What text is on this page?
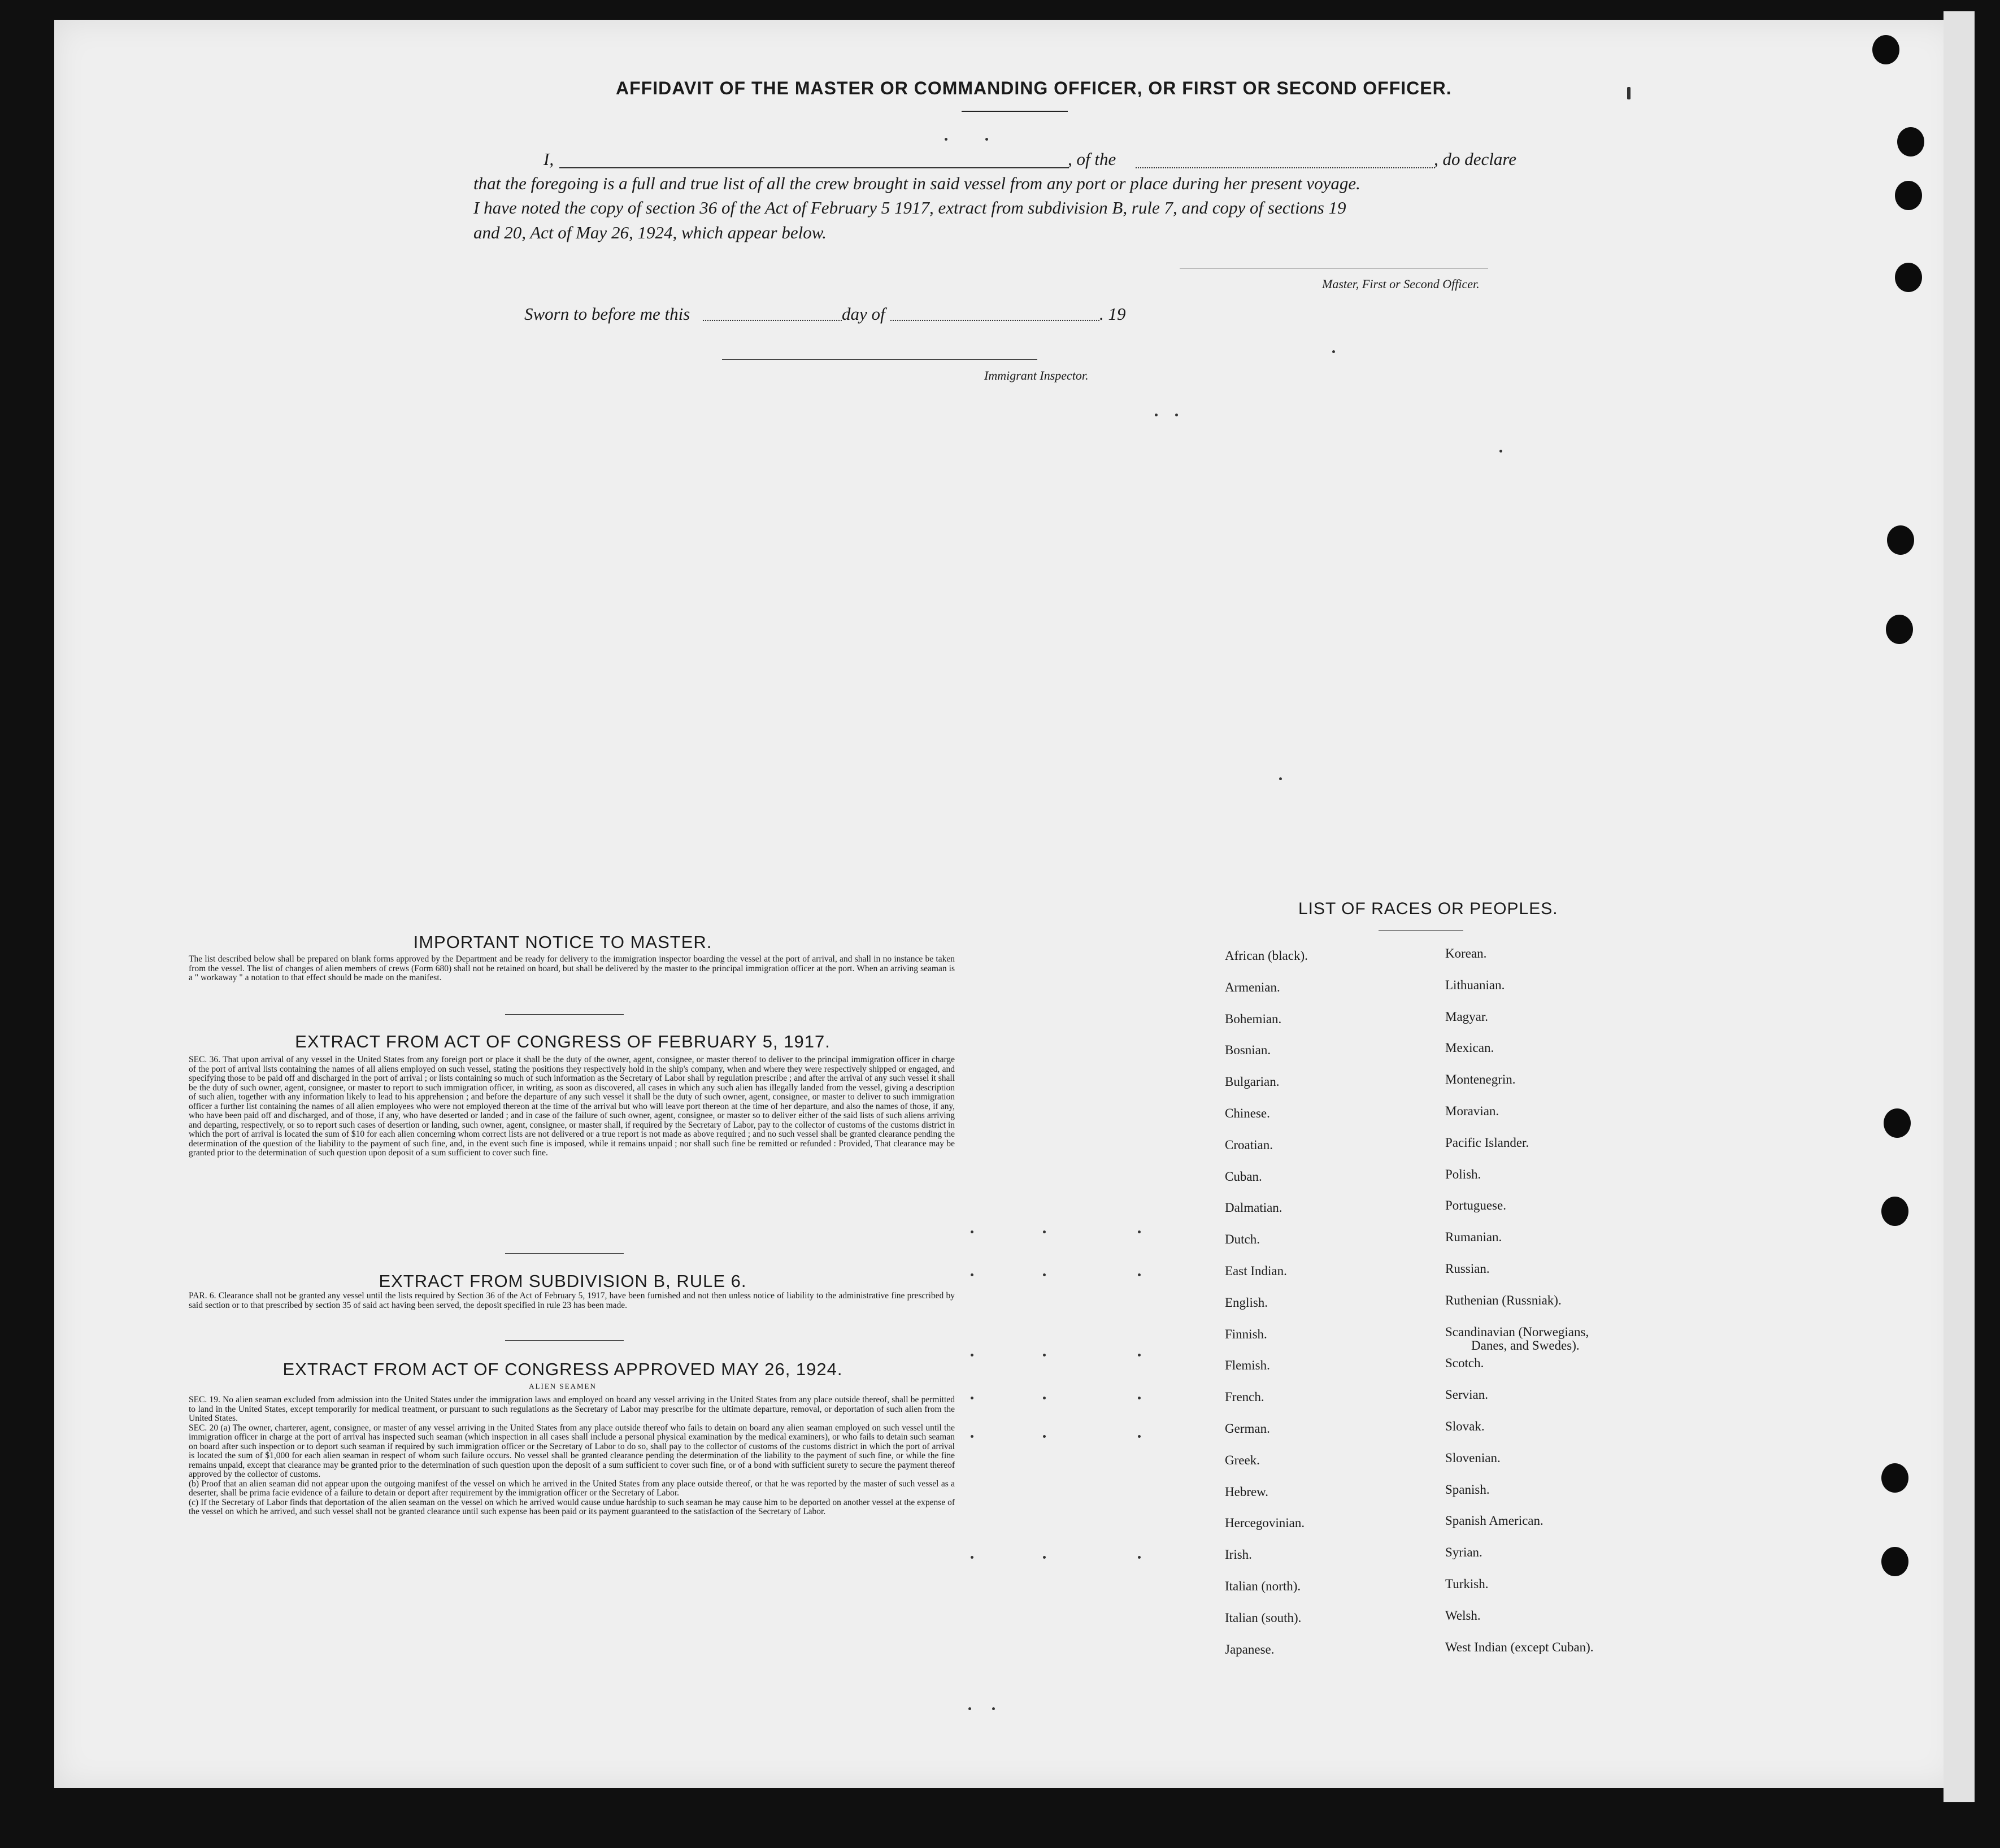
AFFIDAVIT OF THE MASTER OR COMMANDING OFFICER, OR FIRST OR SECOND OFFICER.
I,	, of the	, do declare
that the foregoing is a full and true list of all the crew brought in said vessel from any port or place during her present voyage.
I have noted the copy of section 36 of the Act of February 5 1917, extract from subdivision B, rule 7, and copy of sections 19
and 20, Act of May 26, 1924, which appear below.
Master, First or Second Officer.
Sworn to before me this	day of	. 19
Immigrant Inspector.
IMPORTANT NOTICE TO MASTER.
The list described below shall be prepared on blank forms approved by the Department and be ready for delivery to the immigration inspector boarding the vessel at the port of arrival, and shall in no instance be taken from the vessel. The list of changes of alien members of crews (Form 680) shall not be retained on board, but shall be delivered by the master to the principal immigration officer at the port. When an arriving seaman is a " workaway " a notation to that effect should be made on the manifest.
EXTRACT FROM ACT OF CONGRESS OF FEBRUARY 5, 1917.
SEC. 36. That upon arrival of any vessel in the United States from any foreign port or place it shall be the duty of the owner, agent, consignee, or master thereof to deliver to the principal immigration officer in charge of the port of arrival lists containing the names of all aliens employed on such vessel, stating the positions they respectively hold in the ship's company, when and where they were respectively shipped or engaged, and specifying those to be paid off and discharged in the port of arrival ; or lists containing so much of such information as the Secretary of Labor shall by regulation prescribe ; and after the arrival of any such vessel it shall be the duty of such owner, agent, consignee, or master to report to such immigration officer, in writing, as soon as discovered, all cases in which any such alien has illegally landed from the vessel, giving a description of such alien, together with any information likely to lead to his apprehension ; and before the departure of any such vessel it shall be the duty of such owner, agent, consignee, or master to deliver to such immigration officer a further list containing the names of all alien employees who were not employed thereon at the time of the arrival but who will leave port thereon at the time of her departure, and also the names of those, if any, who have been paid off and discharged, and of those, if any, who have deserted or landed ; and in case of the failure of such owner, agent, consignee, or master so to deliver either of the said lists of such aliens arriving and departing, respectively, or so to report such cases of desertion or landing, such owner, agent, consignee, or master shall, if required by the Secretary of Labor, pay to the collector of customs of the customs district in which the port of arrival is located the sum of $10 for each alien concerning whom correct lists are not delivered or a true report is not made as above required ; and no such vessel shall be granted clearance pending the determination of the question of the liability to the payment of such fine, and, in the event such fine is imposed, while it remains unpaid ; nor shall such fine be remitted or refunded : Provided, That clearance may be granted prior to the determination of such question upon deposit of a sum sufficient to cover such fine.
EXTRACT FROM SUBDIVISION B, RULE 6.
PAR. 6. Clearance shall not be granted any vessel until the lists required by Section 36 of the Act of February 5, 1917, have been furnished and not then unless notice of liability to the administrative fine prescribed by said section or to that prescribed by section 35 of said act having been served, the deposit specified in rule 23 has been made.
EXTRACT FROM ACT OF CONGRESS APPROVED MAY 26, 1924.
ALIEN SEAMEN
SEC. 19. No alien seaman excluded from admission into the United States under the immigration laws and employed on board any vessel arriving in the United States from any place outside thereof, shall be permitted to land in the United States, except temporarily for medical treatment, or pursuant to such regulations as the Secretary of Labor may prescribe for the ultimate departure, removal, or deportation of such alien from the United States.
SEC. 20 (a) The owner, charterer, agent, consignee, or master of any vessel arriving in the United States from any place outside thereof who fails to detain on board any alien seaman employed on such vessel until the immigration officer in charge at the port of arrival has inspected such seaman (which inspection in all cases shall include a personal physical examination by the medical examiners), or who fails to detain such seaman on board after such inspection or to deport such seaman if required by such immigration officer or the Secretary of Labor to do so, shall pay to the collector of customs of the customs district in which the port of arrival is located the sum of $1,000 for each alien seaman in respect of whom such failure occurs. No vessel shall be granted clearance pending the determination of the liability to the payment of such fine, or while the fine remains unpaid, except that clearance may be granted prior to the determination of such question upon the deposit of a sum sufficient to cover such fine, or of a bond with sufficient surety to secure the payment thereof approved by the collector of customs.
(b) Proof that an alien seaman did not appear upon the outgoing manifest of the vessel on which he arrived in the United States from any place outside thereof, or that he was reported by the master of such vessel as a deserter, shall be prima facie evidence of a failure to detain or deport after requirement by the immigration officer or the Secretary of Labor.
(c) If the Secretary of Labor finds that deportation of the alien seaman on the vessel on which he arrived would cause undue hardship to such seaman he may cause him to be deported on another vessel at the expense of the vessel on which he arrived, and such vessel shall not be granted clearance until such expense has been paid or its payment guaranteed to the satisfaction of the Secretary of Labor.
LIST OF RACES OR PEOPLES.
African (black).
Armenian.
Bohemian.
Bosnian.
Bulgarian.
Chinese.
Croatian.
Cuban.
Dalmatian.
Dutch.
East Indian.
English.
Finnish.
Flemish.
French.
German.
Greek.
Hebrew.
Hercegovinian.
Irish.
Italian (north).
Italian (south).
Japanese.
Korean.
Lithuanian.
Magyar.
Mexican.
Montenegrin.
Moravian.
Pacific Islander.
Polish.
Portuguese.
Rumanian.
Russian.
Ruthenian (Russniak).
Scandinavian (Norwegians,
Scotch.
Servian.
Slovak.
Slovenian.
Spanish.
Spanish American.
Syrian.
Turkish.
Welsh.
West Indian (except Cuban).
Danes, and Swedes).
